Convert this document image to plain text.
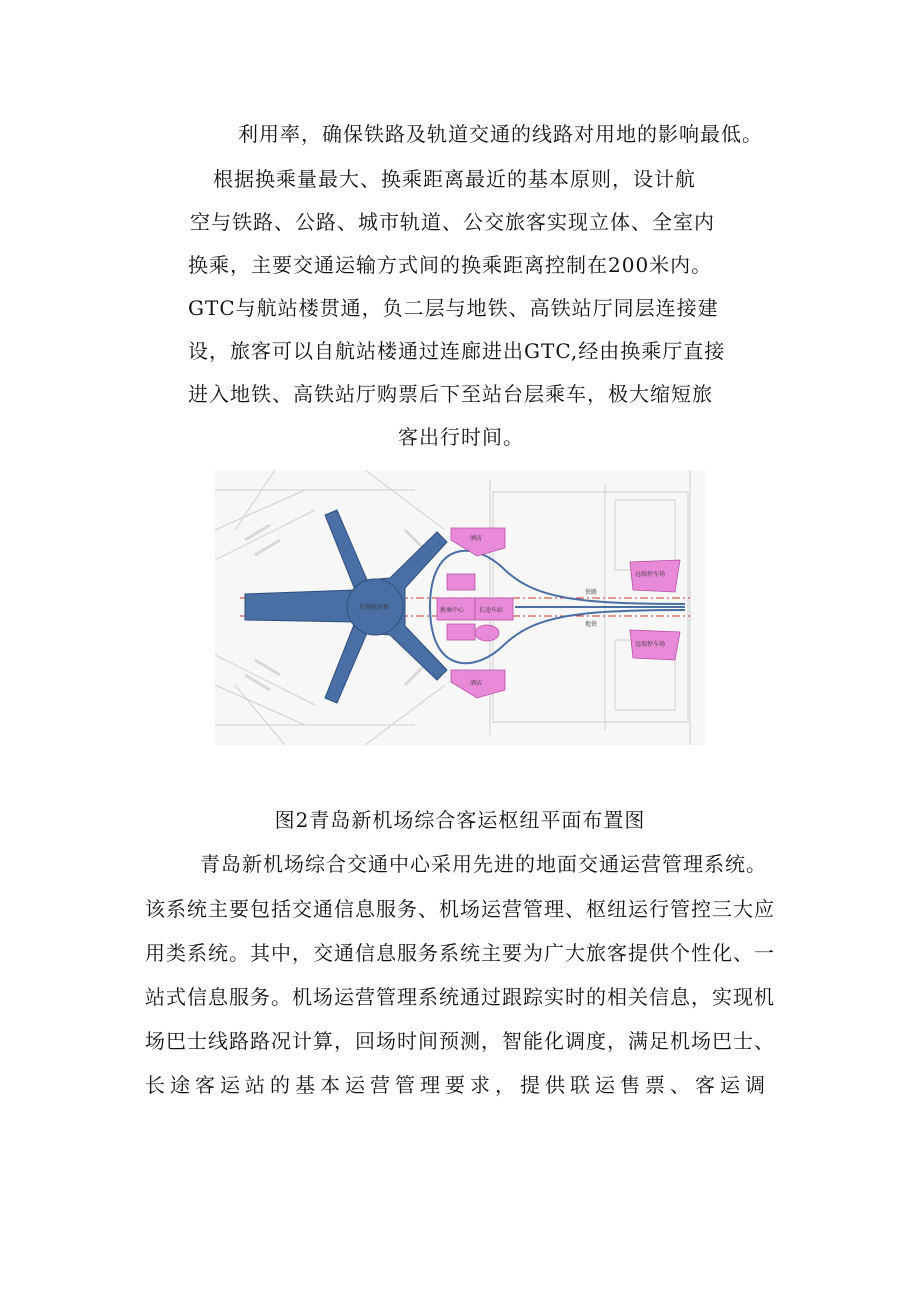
利用率，确保铁路及轨道交通的线路对用地的影响最低。
根据换乘量最大、换乘距离最近的基本原则，设计航
空与铁路、公路、城市轨道、公交旅客实现立体、全室内
换乘，主要交通运输方式间的换乘距离控制在200米内。
GTC与航站楼贯通，负二层与地铁、高铁站厅同层连接建
设，旅客可以自航站楼通过连廊进出GTC,经由换乘厅直接
进入地铁、高铁站厅购票后下至站台层乘车，极大缩短旅
客出行时间。
近期航站楼	换乘中心 长途车站
酒店
酒店
铁路
地铁
远端停车场
远端停车场
图2青岛新机场综合客运枢纽平面布置图
青岛新机场综合交通中心采用先进的地面交通运营管理系统。
该系统主要包括交通信息服务、机场运营管理、枢纽运行管控三大应
用类系统。其中，交通信息服务系统主要为广大旅客提供个性化、一
站式信息服务。机场运营管理系统通过跟踪实时的相关信息，实现机
场巴士线路路况计算，回场时间预测，智能化调度，满足机场巴士、
长途客运站的基本运营管理要求，提供联运售票、客运调
